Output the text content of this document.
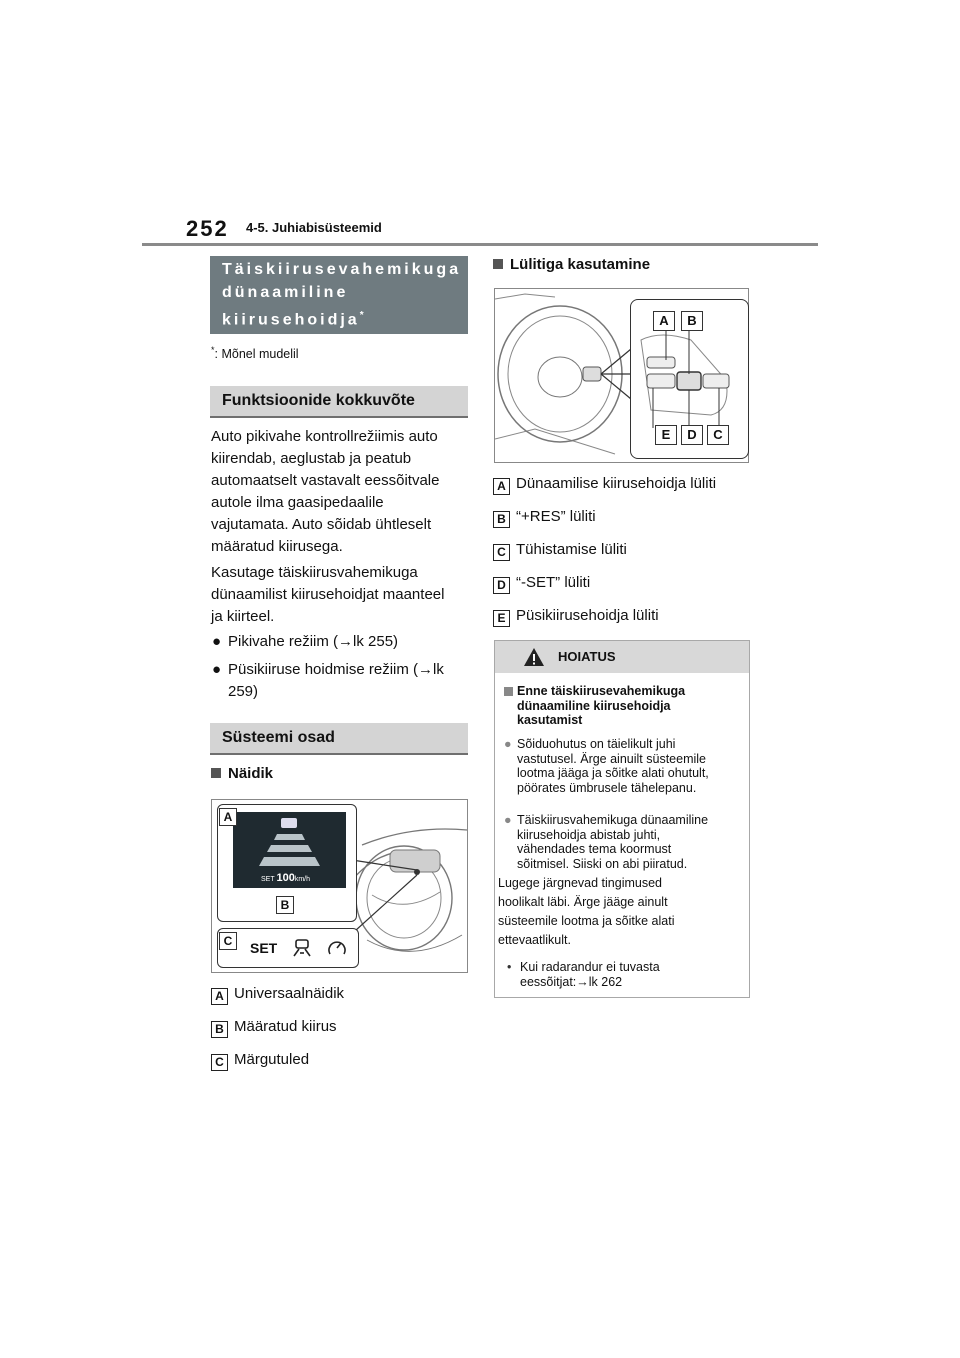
252 4-5. Juhiabisüsteemid
Täiskiirusevahemikuga dünaamiline kiirusehoidja*
*: Mõnel mudelil
Funktsioonide kokkuvõte
Auto pikivahe kontrollrežiimis auto
kiirendab, aeglustab ja peatub
automaatselt vastavalt eessõitvale
autole ilma gaasipedaalile
vajutamata. Auto sõidab ühtleselt
määratud kiirusega.
Kasutage täiskiirusvahemikuga
dünaamilist kiirusehoidjat maanteel
ja kiirteel.
● Pikivahe režiim (→lk 255)
● Püsikiiruse hoidmise režiim (→lk
259)
Süsteemi osad
Näidik
SET 100km/h
A
B
C	SET
A Universaalnäidik
B Määratud kiirus
C Märgutuled
Lülitiga kasutamine
A	B
E	D	C
A Dünaamilise kiirusehoidja lüliti
B “+RES” lüliti
C Tühistamise lüliti
D “-SET” lüliti
E Püsikiirusehoidja lüliti
HOIATUS
Enne täiskiirusevahemikuga
dünaamiline kiirusehoidja
kasutamist
● Sõiduohutus on täielikult juhi
vastutusel. Ärge ainuilt süsteemile
lootma jääga ja sõitke alati ohutult,
pöörates ümbrusele tähelepanu.
● Täiskiirusvahemikuga dünaamiline
kiirusehoidja abistab juhti,
vähendades tema koormust
sõitmisel. Siiski on abi piiratud.
Lugege järgnevad tingimused
hoolikalt läbi. Ärge jääge ainult
süsteemile lootma ja sõitke alati
ettevaatlikult.
• Kui radarandur ei tuvasta
eessõitjat:→lk 262
